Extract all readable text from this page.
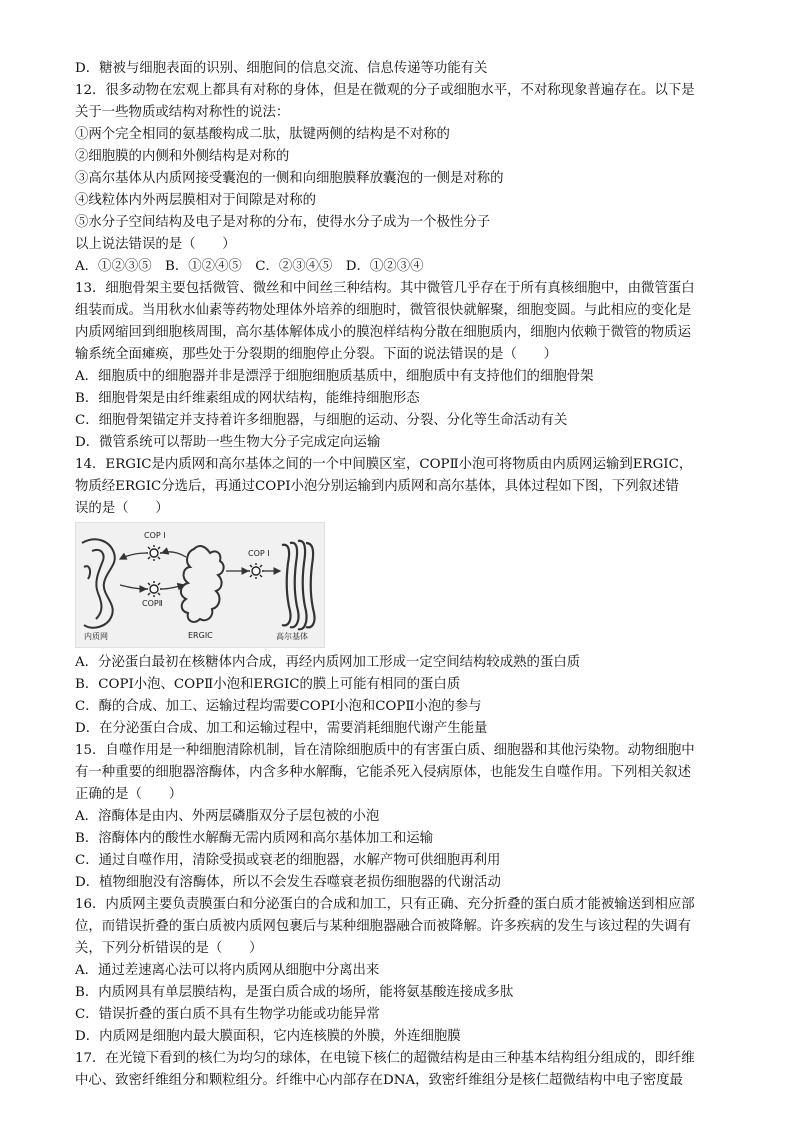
D．糖被与细胞表面的识别、细胞间的信息交流、信息传递等功能有关
12．很多动物在宏观上都具有对称的身体，但是在微观的分子或细胞水平，不对称现象普遍存在。以下是
关于一些物质或结构对称性的说法：
①两个完全相同的氨基酸构成二肽，肽键两侧的结构是不对称的
②细胞膜的内侧和外侧结构是对称的
③高尔基体从内质网接受囊泡的一侧和向细胞膜释放囊泡的一侧是对称的
④线粒体内外两层膜相对于间隙是对称的
⑤水分子空间结构及电子是对称的分布，使得水分子成为一个极性分子
以上说法错误的是（　　）
A．①②③⑤　B．①②④⑤　C．②③④⑤　D．①②③④
13．细胞骨架主要包括微管、微丝和中间丝三种结构。其中微管几乎存在于所有真核细胞中，由微管蛋白
组装而成。当用秋水仙素等药物处理体外培养的细胞时，微管很快就解聚，细胞变圆。与此相应的变化是
内质网缩回到细胞核周围，高尔基体解体成小的膜泡样结构分散在细胞质内，细胞内依赖于微管的物质运
输系统全面瘫痪，那些处于分裂期的细胞停止分裂。下面的说法错误的是（　　）
A．细胞质中的细胞器并非是漂浮于细胞细胞质基质中，细胞质中有支持他们的细胞骨架
B．细胞骨架是由纤维素组成的网状结构，能维持细胞形态
C．细胞骨架锚定并支持着许多细胞器，与细胞的运动、分裂、分化等生命活动有关
D．微管系统可以帮助一些生物大分子完成定向运输
14．ERGIC是内质网和高尔基体之间的一个中间膜区室，COPⅡ小泡可将物质由内质网运输到ERGIC，
物质经ERGIC分选后，再通过COPⅠ小泡分别运输到内质网和高尔基体，具体过程如下图，下列叙述错
误的是（　　）
COP I
COPⅡ
COP I
内质网	ERGIC	高尔基体
A．分泌蛋白最初在核糖体内合成，再经内质网加工形成一定空间结构较成熟的蛋白质
B．COPⅠ小泡、COPⅡ小泡和ERGIC的膜上可能有相同的蛋白质
C．酶的合成、加工、运输过程均需要COPⅠ小泡和COPⅡ小泡的参与
D．在分泌蛋白合成、加工和运输过程中，需要消耗细胞代谢产生能量
15．自噬作用是一种细胞清除机制，旨在清除细胞质中的有害蛋白质、细胞器和其他污染物。动物细胞中
有一种重要的细胞器溶酶体，内含多种水解酶，它能杀死入侵病原体，也能发生自噬作用。下列相关叙述
正确的是（　　）
A．溶酶体是由内、外两层磷脂双分子层包被的小泡
B．溶酶体内的酸性水解酶无需内质网和高尔基体加工和运输
C．通过自噬作用，清除受损或衰老的细胞器，水解产物可供细胞再利用
D．植物细胞没有溶酶体，所以不会发生吞噬衰老损伤细胞器的代谢活动
16．内质网主要负责膜蛋白和分泌蛋白的合成和加工，只有正确、充分折叠的蛋白质才能被输送到相应部
位，而错误折叠的蛋白质被内质网包裹后与某种细胞器融合而被降解。许多疾病的发生与该过程的失调有
关，下列分析错误的是（　　）
A．通过差速离心法可以将内质网从细胞中分离出来
B．内质网具有单层膜结构，是蛋白质合成的场所，能将氨基酸连接成多肽
C．错误折叠的蛋白质不具有生物学功能或功能异常
D．内质网是细胞内最大膜面积，它内连核膜的外膜，外连细胞膜
17．在光镜下看到的核仁为均匀的球体，在电镜下核仁的超微结构是由三种基本结构组分组成的，即纤维
中心、致密纤维组分和颗粒组分。纤维中心内部存在DNA，致密纤维组分是核仁超微结构中电子密度最
